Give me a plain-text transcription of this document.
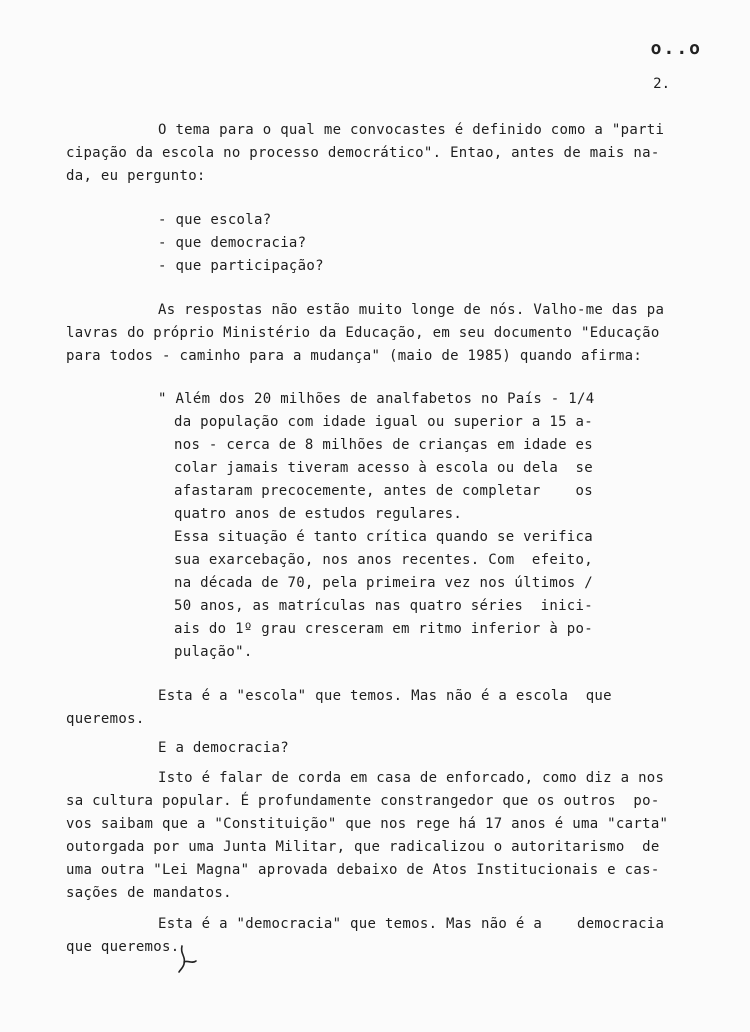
o..o
2.
O tema para o qual me convocastes é definido como a "parti
cipação da escola no processo democrático". Entao, antes de mais na-
da, eu pergunto:
- que escola?
- que democracia?
- que participação?
As respostas não estão muito longe de nós. Valho-me das pa
lavras do próprio Ministério da Educação, em seu documento "Educação
para todos - caminho para a mudança" (maio de 1985) quando afirma:
" Além dos 20 milhões de analfabetos no País - 1/4
da população com idade igual ou superior a 15 a-
nos - cerca de 8 milhões de crianças em idade es
colar jamais tiveram acesso à escola ou dela  se
afastaram precocemente, antes de completar    os
quatro anos de estudos regulares.
Essa situação é tanto crítica quando se verifica
sua exarcebação, nos anos recentes. Com  efeito,
na década de 70, pela primeira vez nos últimos /
50 anos, as matrículas nas quatro séries  inici-
ais do 1º grau cresceram em ritmo inferior à po-
pulação".
Esta é a "escola" que temos. Mas não é a escola  que
queremos.
E a democracia?
Isto é falar de corda em casa de enforcado, como diz a nos
sa cultura popular. É profundamente constrangedor que os outros  po-
vos saibam que a "Constituição" que nos rege há 17 anos é uma "carta"
outorgada por uma Junta Militar, que radicalizou o autoritarismo  de
uma outra "Lei Magna" aprovada debaixo de Atos Institucionais e cas-
sações de mandatos.
Esta é a "democracia" que temos. Mas não é a    democracia
que queremos.
